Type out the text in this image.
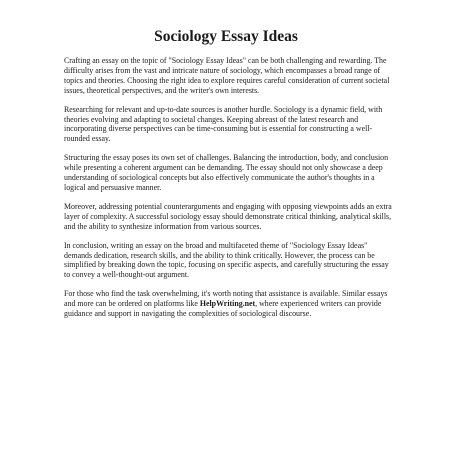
Sociology Essay Ideas

Crafting an essay on the topic of "Sociology Essay Ideas" can be both challenging and rewarding. The difficulty arises from the vast and intricate nature of sociology, which encompasses a broad range of topics and theories. Choosing the right idea to explore requires careful consideration of current societal issues, theoretical perspectives, and the writer's own interests.

Researching for relevant and up-to-date sources is another hurdle. Sociology is a dynamic field, with theories evolving and adapting to societal changes. Keeping abreast of the latest research and incorporating diverse perspectives can be time-consuming but is essential for constructing a well-rounded essay.

Structuring the essay poses its own set of challenges. Balancing the introduction, body, and conclusion while presenting a coherent argument can be demanding. The essay should not only showcase a deep understanding of sociological concepts but also effectively communicate the author's thoughts in a logical and persuasive manner.

Moreover, addressing potential counterarguments and engaging with opposing viewpoints adds an extra layer of complexity. A successful sociology essay should demonstrate critical thinking, analytical skills, and the ability to synthesize information from various sources.

In conclusion, writing an essay on the broad and multifaceted theme of "Sociology Essay Ideas" demands dedication, research skills, and the ability to think critically. However, the process can be simplified by breaking down the topic, focusing on specific aspects, and carefully structuring the essay to convey a well-thought-out argument.

For those who find the task overwhelming, it's worth noting that assistance is available. Similar essays and more can be ordered on platforms like HelpWriting.net, where experienced writers can provide guidance and support in navigating the complexities of sociological discourse.
